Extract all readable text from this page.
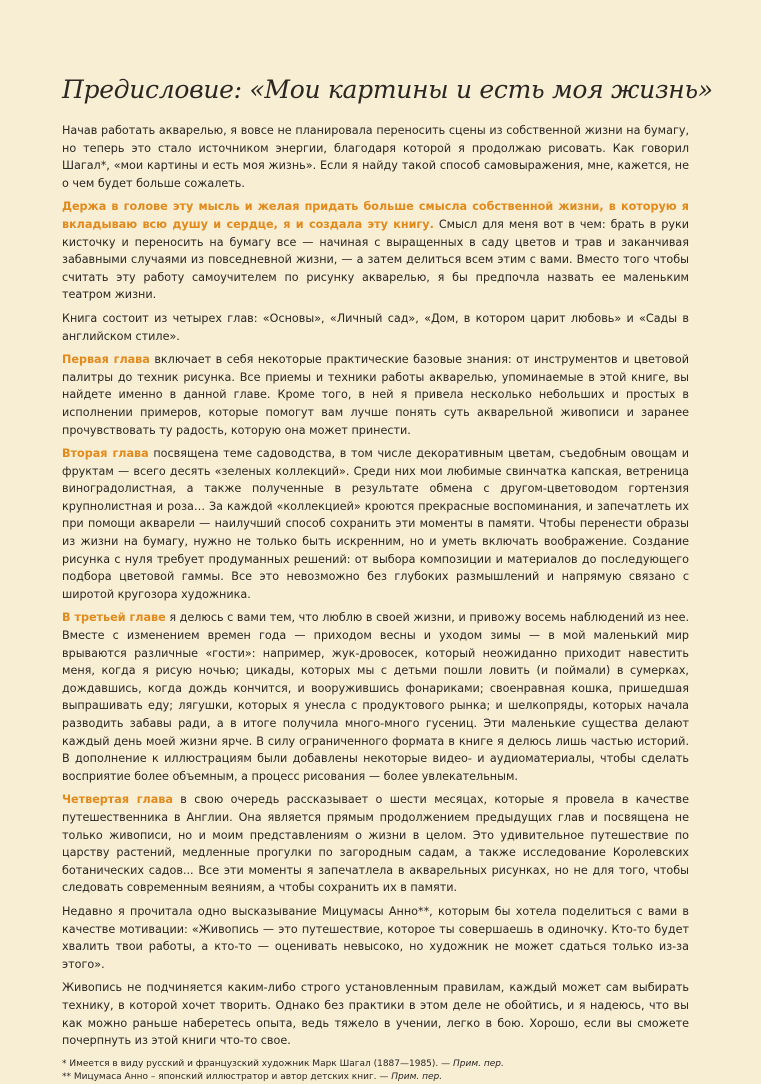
Предисловие: «Мои картины и есть моя жизнь»

Начав работать акварелью, я вовсе не планировала переносить сцены из собственной жизни на бумагу, но теперь это стало источником энергии, благодаря которой я продолжаю рисовать. Как говорил Шагал*, «мои картины и есть моя жизнь». Если я найду такой способ самовыражения, мне, кажется, не о чем будет больше сожалеть.

Держа в голове эту мысль и желая придать больше смысла собственной жизни, в которую я вкладываю всю душу и сердце, я и создала эту книгу. Смысл для меня вот в чем: брать в руки кисточку и переносить на бумагу все — начиная с выращенных в саду цветов и трав и заканчивая забавными случаями из повседневной жизни, — а затем делиться всем этим с вами. Вместо того чтобы считать эту работу самоучителем по рисунку акварелью, я бы предпочла назвать ее маленьким театром жизни.

Книга состоит из четырех глав: «Основы», «Личный сад», «Дом, в котором царит любовь» и «Сады в английском стиле».

Первая глава включает в себя некоторые практические базовые знания: от инструментов и цветовой палитры до техник рисунка. Все приемы и техники работы акварелью, упоминаемые в этой книге, вы найдете именно в данной главе. Кроме того, в ней я привела несколько небольших и простых в исполнении примеров, которые помогут вам лучше понять суть акварельной живописи и заранее прочувствовать ту радость, которую она может принести.

Вторая глава посвящена теме садоводства, в том числе декоративным цветам, съедобным овощам и фруктам — всего десять «зеленых коллекций». Среди них мои любимые свинчатка капская, ветреница виноградолистная, а также полученные в результате обмена с другом-цветоводом гортензия крупнолистная и роза… За каждой «коллекцией» кроются прекрасные воспоминания, и запечатлеть их при помощи акварели — наилучший способ сохранить эти моменты в памяти. Чтобы перенести образы из жизни на бумагу, нужно не только быть искренним, но и уметь включать воображение. Создание рисунка с нуля требует продуманных решений: от выбора композиции и материалов до последующего подбора цветовой гаммы. Все это невозможно без глубоких размышлений и напрямую связано с широтой кругозора художника.

В третьей главе я делюсь с вами тем, что люблю в своей жизни, и привожу восемь наблюдений из нее. Вместе с изменением времен года — приходом весны и уходом зимы — в мой маленький мир врываются различные «гости»: например, жук-дровосек, который неожиданно приходит навестить меня, когда я рисую ночью; цикады, которых мы с детьми пошли ловить (и поймали) в сумерках, дождавшись, когда дождь кончится, и вооружившись фонариками; своенравная кошка, пришедшая выпрашивать еду; лягушки, которых я унесла с продуктового рынка; и шелкопряды, которых начала разводить забавы ради, а в итоге получила много-много гусениц. Эти маленькие существа делают каждый день моей жизни ярче. В силу ограниченного формата в книге я делюсь лишь частью историй. В дополнение к иллюстрациям были добавлены некоторые видео- и аудиоматериалы, чтобы сделать восприятие более объемным, а процесс рисования — более увлекательным.

Четвертая глава в свою очередь рассказывает о шести месяцах, которые я провела в качестве путешественника в Англии. Она является прямым продолжением предыдущих глав и посвящена не только живописи, но и моим представлениям о жизни в целом. Это удивительное путешествие по царству растений, медленные прогулки по загородным садам, а также исследование Королевских ботанических садов... Все эти моменты я запечатлела в акварельных рисунках, но не для того, чтобы следовать современным веяниям, а чтобы сохранить их в памяти.

Недавно я прочитала одно высказывание Мицумасы Анно**, которым бы хотела поделиться с вами в качестве мотивации: «Живопись — это путешествие, которое ты совершаешь в одиночку. Кто-то будет хвалить твои работы, а кто-то — оценивать невысоко, но художник не может сдаться только из-за этого».

Живопись не подчиняется каким-либо строго установленным правилам, каждый может сам выбирать технику, в которой хочет творить. Однако без практики в этом деле не обойтись, и я надеюсь, что вы как можно раньше наберетесь опыта, ведь тяжело в учении, легко в бою. Хорошо, если вы сможете почерпнуть из этой книги что-то свое.

* Имеется в виду русский и французский художник Марк Шагал (1887—1985). — Прим. пер.

** Мицумаса Анно – японский иллюстратор и автор детских книг. — Прим. пер.
